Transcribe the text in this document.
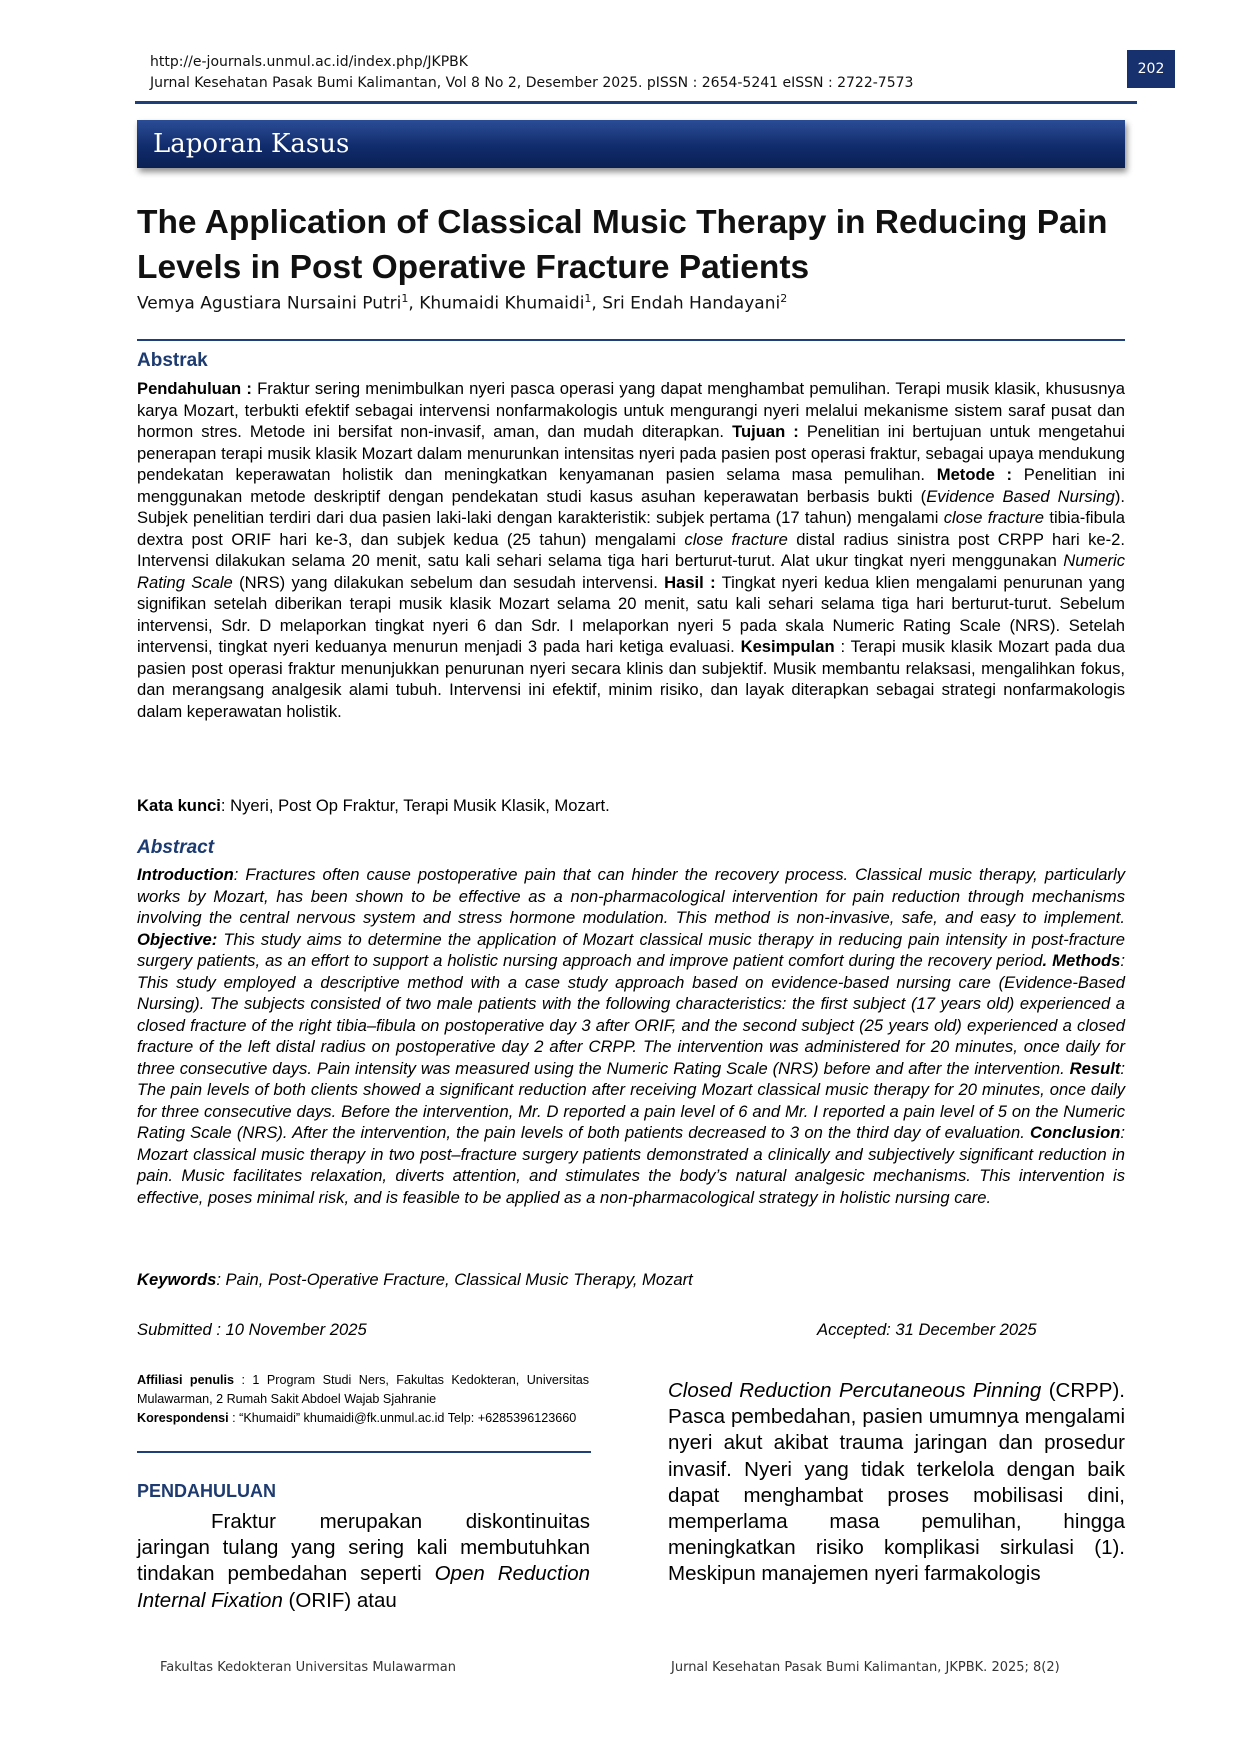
http://e-journals.unmul.ac.id/index.php/JKPBK
Jurnal Kesehatan Pasak Bumi Kalimantan, Vol 8 No 2, Desember 2025. pISSN : 2654-5241 eISSN : 2722-7573
202
Laporan Kasus
The Application of Classical Music Therapy in Reducing Pain
Levels in Post Operative Fracture Patients
Vemya Agustiara Nursaini Putri$^1$, Khumaidi Khumaidi$^1$, Sri Endah Handayani$^2$
Abstrak
Pendahuluan : Fraktur sering menimbulkan nyeri pasca operasi yang dapat menghambat pemulihan. Terapi musik klasik, khususnya karya Mozart, terbukti efektif sebagai intervensi nonfarmakologis untuk mengurangi nyeri melalui mekanisme sistem saraf pusat dan hormon stres. Metode ini bersifat non-invasif, aman, dan mudah diterapkan. Tujuan : Penelitian ini bertujuan untuk mengetahui penerapan terapi musik klasik Mozart dalam menurunkan intensitas nyeri pada pasien post operasi fraktur, sebagai upaya mendukung pendekatan keperawatan holistik dan meningkatkan kenyamanan pasien selama masa pemulihan. Metode : Penelitian ini menggunakan metode deskriptif dengan pendekatan studi kasus asuhan keperawatan berbasis bukti (Evidence Based Nursing). Subjek penelitian terdiri dari dua pasien laki-laki dengan karakteristik: subjek pertama (17 tahun) mengalami close fracture tibia-fibula dextra post ORIF hari ke-3, dan subjek kedua (25 tahun) mengalami close fracture distal radius sinistra post CRPP hari ke-2. Intervensi dilakukan selama 20 menit, satu kali sehari selama tiga hari berturut-turut. Alat ukur tingkat nyeri menggunakan Numeric Rating Scale (NRS) yang dilakukan sebelum dan sesudah intervensi. Hasil : Tingkat nyeri kedua klien mengalami penurunan yang signifikan setelah diberikan terapi musik klasik Mozart selama 20 menit, satu kali sehari selama tiga hari berturut-turut. Sebelum intervensi, Sdr. D melaporkan tingkat nyeri 6 dan Sdr. I melaporkan nyeri 5 pada skala Numeric Rating Scale (NRS). Setelah intervensi, tingkat nyeri keduanya menurun menjadi 3 pada hari ketiga evaluasi. Kesimpulan : Terapi musik klasik Mozart pada dua pasien post operasi fraktur menunjukkan penurunan nyeri secara klinis dan subjektif. Musik membantu relaksasi, mengalihkan fokus, dan merangsang analgesik alami tubuh. Intervensi ini efektif, minim risiko, dan layak diterapkan sebagai strategi nonfarmakologis dalam keperawatan holistik.
Kata kunci: Nyeri, Post Op Fraktur, Terapi Musik Klasik, Mozart.
Abstract
Introduction: Fractures often cause postoperative pain that can hinder the recovery process. Classical music therapy, particularly works by Mozart, has been shown to be effective as a non-pharmacological intervention for pain reduction through mechanisms involving the central nervous system and stress hormone modulation. This method is non-invasive, safe, and easy to implement. Objective: This study aims to determine the application of Mozart classical music therapy in reducing pain intensity in post-fracture surgery patients, as an effort to support a holistic nursing approach and improve patient comfort during the recovery period. Methods: This study employed a descriptive method with a case study approach based on evidence-based nursing care (Evidence-Based Nursing). The subjects consisted of two male patients with the following characteristics: the first subject (17 years old) experienced a closed fracture of the right tibia–fibula on postoperative day 3 after ORIF, and the second subject (25 years old) experienced a closed fracture of the left distal radius on postoperative day 2 after CRPP. The intervention was administered for 20 minutes, once daily for three consecutive days. Pain intensity was measured using the Numeric Rating Scale (NRS) before and after the intervention. Result: The pain levels of both clients showed a significant reduction after receiving Mozart classical music therapy for 20 minutes, once daily for three consecutive days. Before the intervention, Mr. D reported a pain level of 6 and Mr. I reported a pain level of 5 on the Numeric Rating Scale (NRS). After the intervention, the pain levels of both patients decreased to 3 on the third day of evaluation. Conclusion: Mozart classical music therapy in two post–fracture surgery patients demonstrated a clinically and subjectively significant reduction in pain. Music facilitates relaxation, diverts attention, and stimulates the body’s natural analgesic mechanisms. This intervention is effective, poses minimal risk, and is feasible to be applied as a non-pharmacological strategy in holistic nursing care.
Keywords: Pain, Post-Operative Fracture, Classical Music Therapy, Mozart
Submitted : 10 November 2025	Accepted: 31 December 2025
Affiliasi penulis : 1 Program Studi Ners, Fakultas Kedokteran, Universitas Mulawarman, 2 Rumah Sakit Abdoel Wajab Sjahranie
Korespondensi : “Khumaidi” khumaidi@fk.unmul.ac.id Telp: +6285396123660
PENDAHULUAN
Fraktur merupakan diskontinuitas jaringan tulang yang sering kali membutuhkan tindakan pembedahan seperti Open Reduction Internal Fixation (ORIF) atau
Closed Reduction Percutaneous Pinning (CRPP). Pasca pembedahan, pasien umumnya mengalami nyeri akut akibat trauma jaringan dan prosedur invasif. Nyeri yang tidak terkelola dengan baik dapat menghambat proses mobilisasi dini, memperlama masa pemulihan, hingga meningkatkan risiko komplikasi sirkulasi (1). Meskipun manajemen nyeri farmakologis
Fakultas Kedokteran Universitas Mulawarman	Jurnal Kesehatan Pasak Bumi Kalimantan, JKPBK. 2025; 8(2)
